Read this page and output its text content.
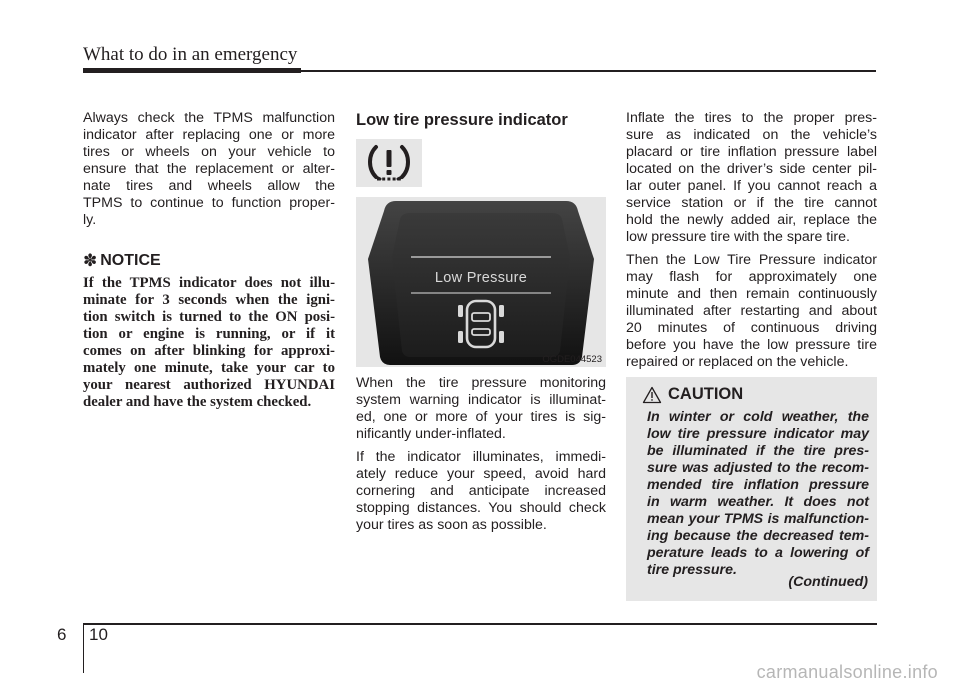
What to do in an emergency

Always check the TPMS malfunctionindicator after replacing one or moretires or wheels on your vehicle toensure that the replacement or alter-nate tires and wheels allow theTPMS to continue to function proper-ly.

✽ NOTICE

If the TPMS indicator does not illu-minate for 3 seconds when the igni-tion switch is turned to the ON posi-tion or engine is running, or if itcomes on after blinking for approxi-mately one minute, take your car toyour nearest authorized HYUNDAIdealer and have the system checked.

Low tire pressure indicator
Low Pressure
OGDE044523

When the tire pressure monitoringsystem warning indicator is illuminat-ed, one or more of your tires is sig-nificantly under-inflated.

If the indicator illuminates, immedi-ately reduce your speed, avoid hardcornering and anticipate increasedstopping distances. You should checkyour tires as soon as possible.

Inflate the tires to the proper pres-sure as indicated on the vehicle’splacard or tire inflation pressure labellocated on the driver’s side center pil-lar outer panel. If you cannot reach aservice station or if the tire cannothold the newly added air, replace thelow pressure tire with the spare tire.

Then the Low Tire Pressure indicatormay flash for approximately oneminute and then remain continuouslyilluminated after restarting and about20 minutes of continuous drivingbefore you have the low pressure tirerepaired or replaced on the vehicle.

CAUTION

In winter or cold weather, thelow tire pressure indicator maybe illuminated if the tire pres-sure was adjusted to the recom-mended tire inflation pressurein warm weather. It does notmean your TPMS is malfunction-ing because the decreased tem-perature leads to a lowering oftire pressure.

(Continued)
6 10
carmanualsonline.info
